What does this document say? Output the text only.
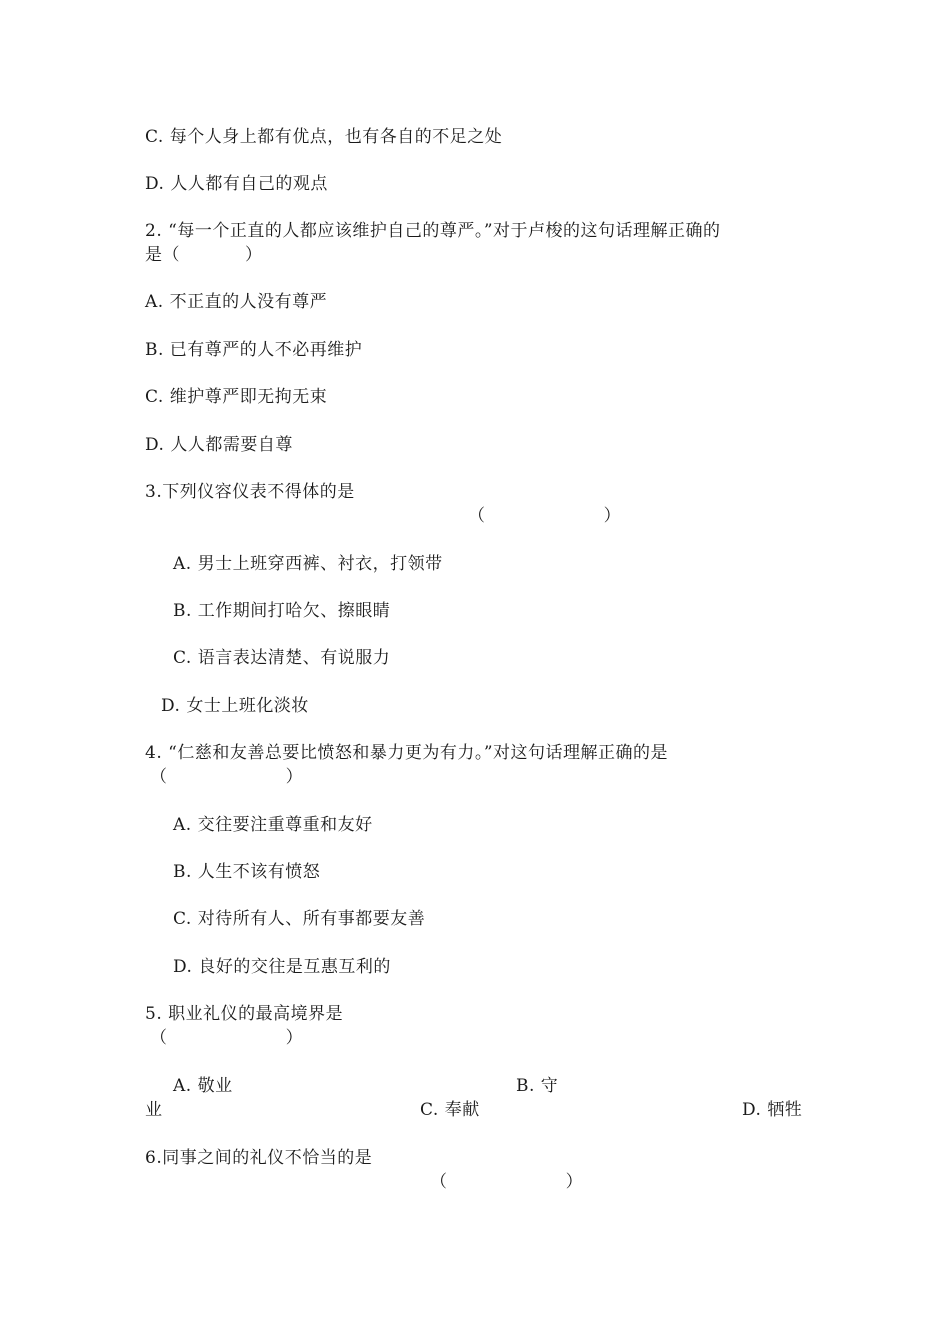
C. 每个人身上都有优点，也有各自的不足之处
D. 人人都有自己的观点
2. “每一个正直的人都应该维护自己的尊严。”对于卢梭的这句话理解正确的
是（           ）
A. 不正直的人没有尊严
B. 已有尊严的人不必再维护
C. 维护尊严即无拘无束
D. 人人都需要自尊
3.下列仪容仪表不得体的是
（                    ）
A. 男士上班穿西裤、衬衣，打领带
B. 工作期间打哈欠、擦眼睛
C. 语言表达清楚、有说服力
D. 女士上班化淡妆
4. “仁慈和友善总要比愤怒和暴力更为有力。”对这句话理解正确的是
（                    ）
A. 交往要注重尊重和友好
B. 人生不该有愤怒
C. 对待所有人、所有事都要友善
D. 良好的交往是互惠互利的
5. 职业礼仪的最高境界是
（                    ）
A. 敬业	B. 守
业	C. 奉献	D. 牺牲
6.同事之间的礼仪不恰当的是
（                    ）
